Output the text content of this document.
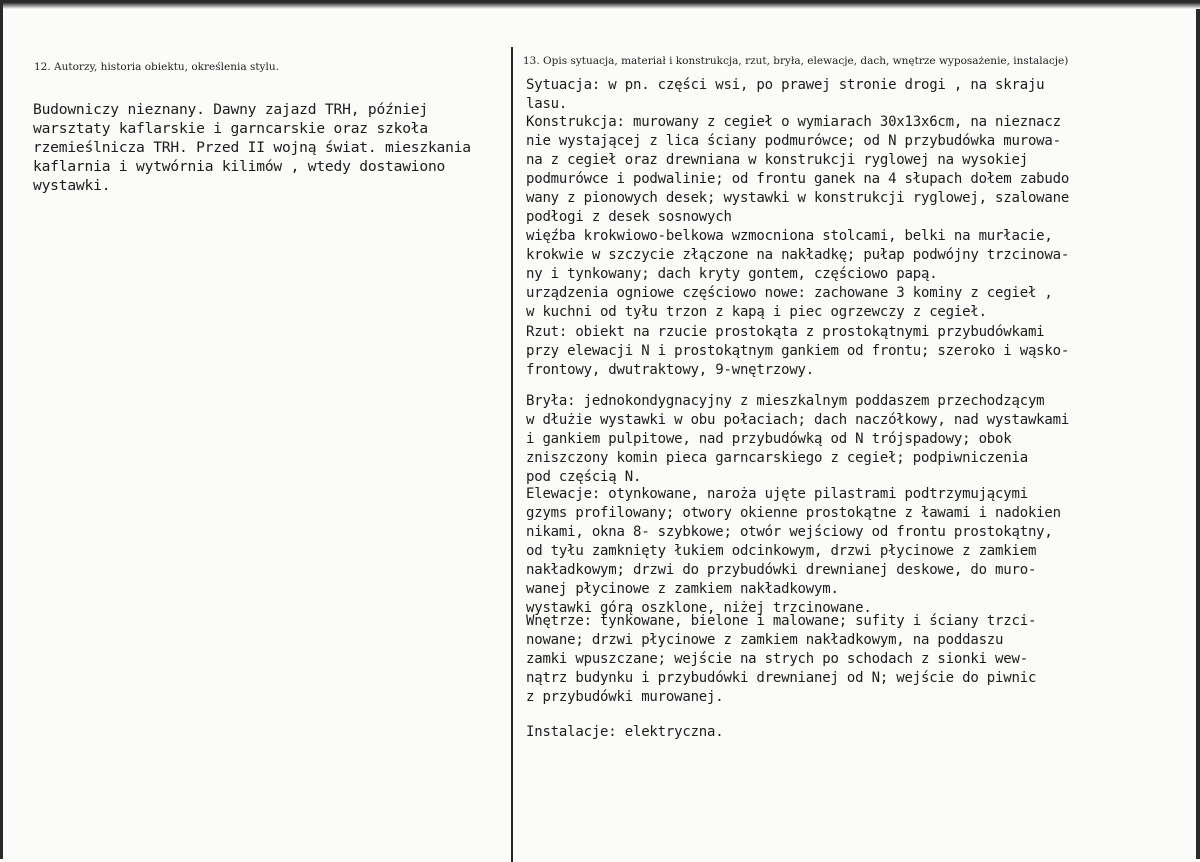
12. Autorzy, historia obiektu, określenia stylu.
Budowniczy nieznany. Dawny zajazd TRH, później
warsztaty kaflarskie i garncarskie oraz szkoła
rzemieślnicza TRH. Przed II wojną świat. mieszkania
kaflarnia i wytwórnia kilimów , wtedy dostawiono
wystawki.
13. Opis sytuacja, materiał i konstrukcja, rzut, bryła, elewacje, dach, wnętrze wyposażenie, instalacje)
Sytuacja: w pn. części wsi, po prawej stronie drogi , na skraju
lasu.
Konstrukcja: murowany z cegieł o wymiarach 30x13x6cm, na nieznacz
nie wystającej z lica ściany podmurówce; od N przybudówka murowa-
na z cegieł oraz drewniana w konstrukcji ryglowej na wysokiej
podmurówce i podwalinie; od frontu ganek na 4 słupach dołem zabudo
wany z pionowych desek; wystawki w konstrukcji ryglowej, szalowane
podłogi z desek sosnowych
więźba krokwiowo-belkowa wzmocniona stolcami, belki na murłacie,
krokwie w szczycie złączone na nakładkę; pułap podwójny trzcinowa-
ny i tynkowany; dach kryty gontem, częściowo papą.
urządzenia ogniowe częściowo nowe: zachowane 3 kominy z cegieł ,
w kuchni od tyłu trzon z kapą i piec ogrzewczy z cegieł.
Rzut: obiekt na rzucie prostokąta z prostokątnymi przybudówkami
przy elewacji N i prostokątnym gankiem od frontu; szeroko i wąsko-
frontowy, dwutraktowy, 9-wnętrzowy.
Bryła: jednokondygnacyjny z mieszkalnym poddaszem przechodzącym
w dłużie wystawki w obu połaciach; dach naczółkowy, nad wystawkami
i gankiem pulpitowe, nad przybudówką od N trójspadowy; obok
zniszczony komin pieca garncarskiego z cegieł; podpiwniczenia
pod częścią N.
Elewacje: otynkowane, naroża ujęte pilastrami podtrzymującymi
gzyms profilowany; otwory okienne prostokątne z ławami i nadokien
nikami, okna 8- szybkowe; otwór wejściowy od frontu prostokątny,
od tyłu zamknięty łukiem odcinkowym, drzwi płycinowe z zamkiem
nakładkowym; drzwi do przybudówki drewnianej deskowe, do muro-
wanej płycinowe z zamkiem nakładkowym.
wystawki górą oszklone, niżej trzcinowane.
Wnętrze: tynkowane, bielone i malowane; sufity i ściany trzci-
nowane; drzwi płycinowe z zamkiem nakładkowym, na poddaszu
zamki wpuszczane; wejście na strych po schodach z sionki wew-
nątrz budynku i przybudówki drewnianej od N; wejście do piwnic
z przybudówki murowanej.
Instalacje: elektryczna.
